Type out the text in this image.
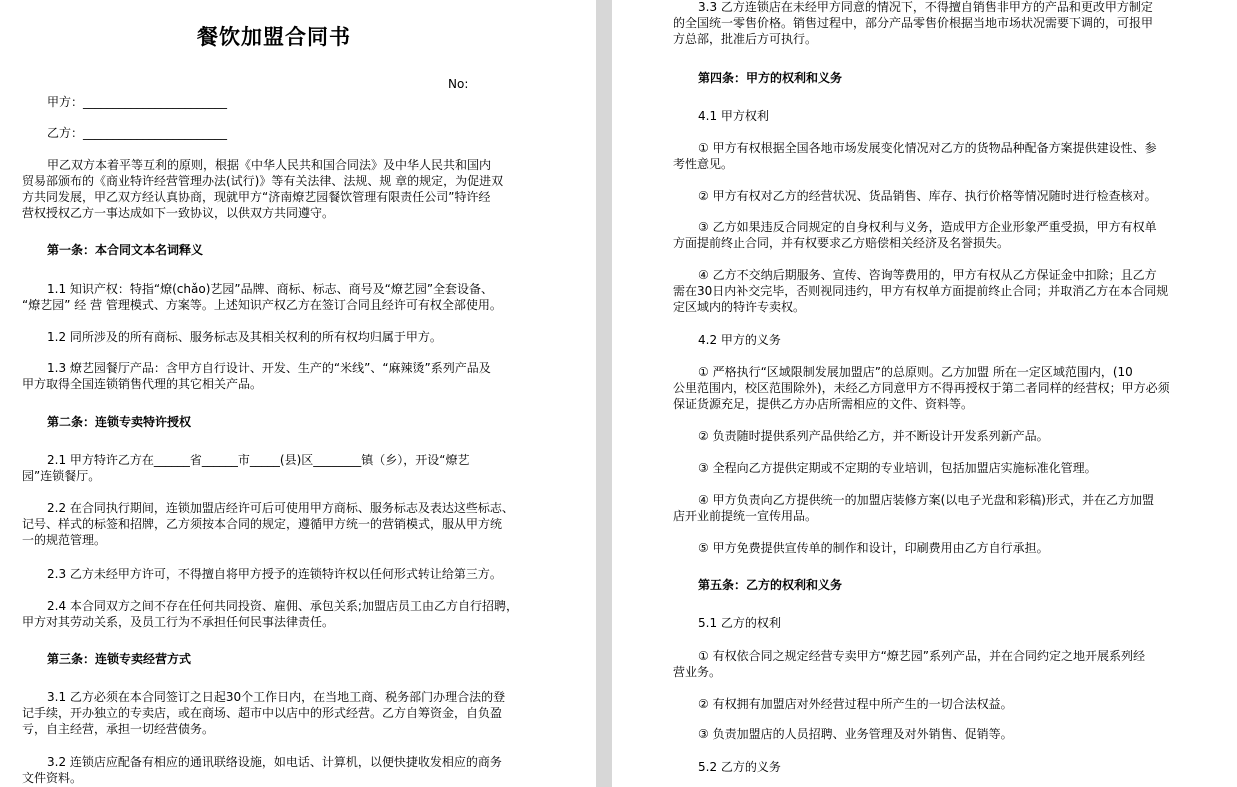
餐饮加盟合同书
No:
甲方：________________________
乙方：________________________
甲乙双方本着平等互利的原则，根据《中华人民共和国合同法》及中华人民共和国内
贸易部颁布的《商业特许经营管理办法(试行)》等有关法律、法规、规 章的规定，为促进双
方共同发展，甲乙双方经认真协商，现就甲方“济南燎艺园餐饮管理有限责任公司”特许经
营权授权乙方一事达成如下一致协议，以供双方共同遵守。
第一条：本合同文本名词释义
1.1 知识产权：特指“燎(chǎo)艺园”品牌、商标、标志、商号及“燎艺园”全套设备、
“燎艺园” 经 营 管理模式、方案等。上述知识产权乙方在签订合同且经许可有权全部使用。
1.2 同所涉及的所有商标、服务标志及其相关权利的所有权均归属于甲方。
1.3 燎艺园餐厅产品：含甲方自行设计、开发、生产的“米线”、“麻辣烫”系列产品及
甲方取得全国连锁销售代理的其它相关产品。
第二条：连锁专卖特许授权
2.1 甲方特许乙方在______省______市_____(县)区________镇（乡），开设“燎艺
园”连锁餐厅。
2.2 在合同执行期间，连锁加盟店经许可后可使用甲方商标、服务标志及表达这些标志、
记号、样式的标签和招牌，乙方须按本合同的规定，遵循甲方统一的营销模式，服从甲方统
一的规范管理。
2.3 乙方未经甲方许可，不得擅自将甲方授予的连锁特许权以任何形式转让给第三方。
2.4 本合同双方之间不存在任何共同投资、雇佣、承包关系;加盟店员工由乙方自行招聘，
甲方对其劳动关系，及员工行为不承担任何民事法律责任。
第三条：连锁专卖经营方式
3.1 乙方必须在本合同签订之日起30个工作日内，在当地工商、税务部门办理合法的登
记手续，开办独立的专卖店，或在商场、超市中以店中的形式经营。乙方自筹资金，自负盈
亏，自主经营，承担一切经营债务。
3.2 连锁店应配备有相应的通讯联络设施，如电话、计算机，以便快捷收发相应的商务
文件资料。
3.3 乙方连锁店在未经甲方同意的情况下，不得擅自销售非甲方的产品和更改甲方制定
的全国统一零售价格。销售过程中，部分产品零售价根据当地市场状况需要下调的，可报甲
方总部，批准后方可执行。
第四条：甲方的权利和义务
4.1 甲方权利
① 甲方有权根据全国各地市场发展变化情况对乙方的货物品种配备方案提供建设性、参
考性意见。
② 甲方有权对乙方的经营状况、货品销售、库存、执行价格等情况随时进行检查核对。
③ 乙方如果违反合同规定的自身权利与义务，造成甲方企业形象严重受损，甲方有权单
方面提前终止合同，并有权要求乙方赔偿相关经济及名誉损失。
④ 乙方不交纳后期服务、宣传、咨询等费用的，甲方有权从乙方保证金中扣除；且乙方
需在30日内补交完毕，否则视同违约，甲方有权单方面提前终止合同；并取消乙方在本合同规
定区域内的特许专卖权。
4.2 甲方的义务
① 严格执行“区域限制发展加盟店”的总原则。乙方加盟 所在一定区域范围内，(10
公里范围内，校区范围除外)，未经乙方同意甲方不得再授权于第二者同样的经营权；甲方必须
保证货源充足，提供乙方办店所需相应的文件、资料等。
② 负责随时提供系列产品供给乙方，并不断设计开发系列新产品。
③ 全程向乙方提供定期或不定期的专业培训，包括加盟店实施标准化管理。
④ 甲方负责向乙方提供统一的加盟店装修方案(以电子光盘和彩稿)形式，并在乙方加盟
店开业前提统一宣传用品。
⑤ 甲方免费提供宣传单的制作和设计，印刷费用由乙方自行承担。
第五条：乙方的权利和义务
5.1 乙方的权利
① 有权依合同之规定经营专卖甲方“燎艺园”系列产品，并在合同约定之地开展系列经
营业务。
② 有权拥有加盟店对外经营过程中所产生的一切合法权益。
③ 负责加盟店的人员招聘、业务管理及对外销售、促销等。
5.2 乙方的义务
